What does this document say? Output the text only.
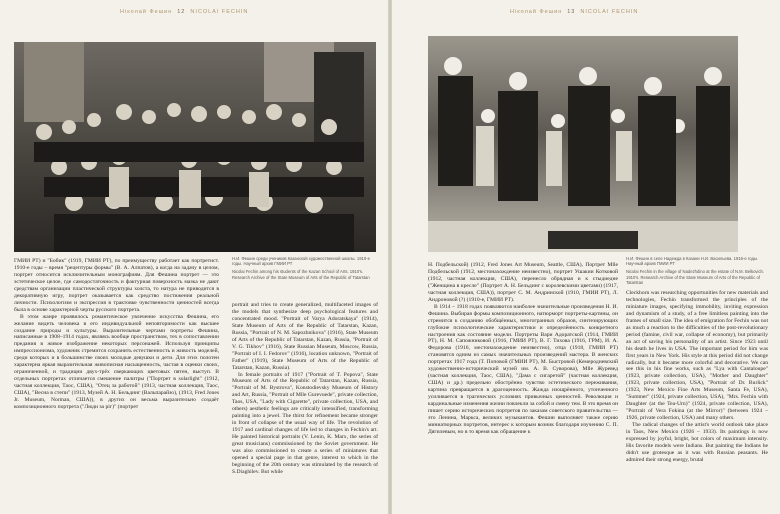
Ніколай Фешин 12 NICOLAI FECHIN

Н.И. Фешин среди учеников Казанской художественной школы. 1910-е годы. Научный архив ГМИИ РТ

Nicolai Fechin among his students of the Kazan School of Arts. 1910's. Research Archive of the State Museum of Arts of the Republic of Tatarstan

ГМИИ РТ) и "Бобик" (1919, ГМИИ РТ), по преимуществу работает как портретист. 1910-е годы – время "рецептуры формы" (В. А. Алпатов), а когда на задачу в целом, портрет относится исключительным монографиям. Для Фешина портрет — это эстетическое целое, где самодостаточность и фактурная поверхность мазка не дают средствам организации пластической структуры холста, то натура не приводится в декоративную игру, портрет оказывается как средство постижения реальной личности. Психологизм и экспрессия в трактовке чувственности ценностей всегда была в основе характерной черты русского портрета.

В этом жанре проявилось романтическое увлечение искусства Фешина, его желание видеть человека в его индивидуальной неповторимости как высшее создание природы и культуры. Выразительные чертами портреты Фешина, написанные в 1908–1914 годах, являясь вообще пространством, тех в сопоставлении предания в живое изображение некоторых персонажей. Используя принципы импрессионизма, художник стремится сохранить естественность и живость моделей, среди которых и в большинстве своих молодые девушки и дети. Для этих полотен характерна яркая выразительная живописная насыщенность, частая в оценки своих, ограниченной, и традиции двух-трёх сверкающих цветовых пятен, выступ. В отдельных портретах отличается смешение палитры ("Портрет в solarlight" (1912, частная коллекция, Таос, США), "Отец за работой" (1913, частная коллекция, Таос, США), "Весна в степи" (1913, Музей А. Н. Бельдинг (Вальпарайзо), (1913, Fred Jones Jr. Museum, Norman, США)), в других он весьма выразительно создаёт композиционного портрета ("Люди за ріг)" (портрет

portrait and tries to create generalized, multifaceted images of the models that synthesize deep psychological features and concentrated mood. "Portrait of Varya Adoratskaya" (1914), State Museum of Arts of the Republic of Tatarstan, Kazan, Russia, "Portrait of N. M. Sapozhnikova" (1916), State Museum of Arts of the Republic of Tatarstan, Kazan, Russia, "Portrait of V. G. Tikhov" (1916), State Russian Museum, Moscow, Russia, "Portrait of I. I. Fedorov" (1916), location unknown, "Portrait of Father" (1919), State Museum of Arts of the Republic of Tatarstan, Kazan, Russia).

In female portraits of 1917 ("Portrait of T. Popova", State Museum of Arts of the Republic of Tatarstan, Kazan, Russia, "Portrait of M. Bystrova", Konstodievsky Museum of History and Art, Russia, "Portrait of Mlle Gurevuede", private collection, Taos, USA, "Lady with Cigarette", private collection, USA, and others) aesthetic feelings are critically intensified, transforming painting into a jewel. The thirst for refinement became stronger in front of collapse of the usual way of life. The revolution of 1917 and cardinal changes of life led to changes in Fechin's art. He painted historical portraits (V. Lenin, K. Marx, the series of great musicians) commissioned by the Soviet government. He was also commissioned to create a series of miniatures that opened a special page in that genre, interest to which in the beginning of the 20th century was stimulated by the research of S.Diaghilev. But while

Ніколай Фешин 13 NICOLAI FECHIN

Н.И. Фешин в селе Надежда в Казани Н.И. Васильева. 1916-е годы. Научный архив ГМИИ РТ

Nicolai Fechin in the village of Nadezhdino at the estate of N.M. Belkovich. 1910's. Research Archive of the State Museum of Arts of the Republic of Tatarstan

Н. Подбельской) (1912, Fred Jones Art Museum, Seattle, США), Портрет Mlle Подбельской (1912, местонахождение неизвестно), портрет Ушакии Котковой (1912, частная коллекция, США), перенесло обрядная и к стыдиедне ("Женщина в кресле" (Портрет А. Н. Бельдинг с королевскими цветами) (1917, частная коллекция, США)), портрет С. М. Андринской (1910, ГМИИ РТ), Л. Андроновой (?) (1910-е, ГМИИ РТ).

В 1914 – 1918 годах появляются наиболее значительные произведения Н. И. Фешина. Выбирая формы композиционного, натюрморт портреты-картины, он стремится к созданию обобщённых, многогранных образов, синтезирующих глубокие психологические характеристики и определённость конкретного настроения как состояние модели. Портреты Вари Адоратской (1914, ГМИИ РТ), Н. М. Сапожниковой (1916, ГМИИ РТ), В. Г. Тихова (1916, ГРМ), И. А. Федорова (1916, местонахождение неизвестно), отца (1918, ГМИИ РТ) становятся одним из самых значительных произведений мастера. В женских портретах 1917 года (Т. Поповой (ГМИИ РТ), М. Быстровой (Кемеродиевский художественно-исторический музей им. А. В. Суворова), Mlle Журевед (частная коллекция, Таос, США), "Дама с сигаретой" (частная коллекция, США) и др.) предельно обострённо чувство эстетического переживания, картина превращается в драгоценность. Жажда изощрённого, утонченного усиливается в трагических условиях привычных ценностей. Революция и кардинальные изменения жизни повлекли за собой и смену тем. В это время он пишет серию исторических портретов по заказам советского правительства — это Ленина, Маркса, великих музыкантов. Фешин выполняет также серию миниатюрных портретов, интерес к которым возник благодаря изучению С. П. Дягилевым, но в то время как обращение к

Cleckhorn was researching opportunities for new materials and technologies, Fechin transformed the principles of the miniature images, specifying immobility, inviting expression and dynamism of a study, of a free limitless painting into the frames of small size. The idea of emigration for Fechin was not as much a reaction to the difficulties of the post-revolutionary period (famine, civil war, collapse of economy), but primarily an act of saving his personality of an artist. Since 1923 until his death he lives in USA. The important period for him was first years in New York. His style at this period did not change radically, but it became more colorful and decorative. We can see this in his fine works, such as "Lya with Cantaloupe" (1923, private collection, USA), "Mother and Daughter" (1923, private collection, USA), "Portrait of Dr. Burlick" (1923, New Mexico Fine Arts Museum, Santa Fe, USA), "Summer" (1924, private collection, USA), "Mrs. Fechin with Daughter (at the Tea-Urn)" (1924, private collection, USA), "Portrait of Vera Fokina (at the Mirror)" (between 1924 – 1926, private collection, USA) and many others.

The radical changes of the artist's world outlook take place in Taos, New Mexico (1926 – 1933). Its paintings is now expressed by joyful, bright, hot colors of maximum intensity. His favorite models were Indians. But painting the Indians he didn't use grotesque as it was with Russian peasants. He admired their strong energy, brutal
